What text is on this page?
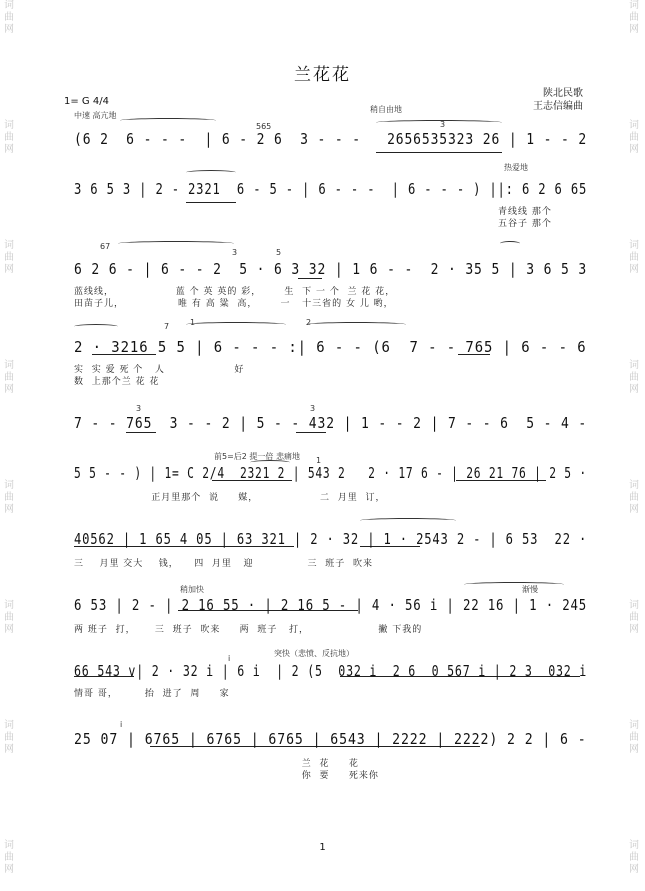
词曲网
词曲网
词曲网
词曲网
词曲网
词曲网
词曲网
词曲网
词曲网
词曲网
词曲网
词曲网
词曲网
词曲网
词曲网
词曲网
兰花花
陕北民歌
王志信编曲
1= G 4/4
中速 高亢地
565
稍自由地
3
热爱地
67
3	5
7	1	2
3	3
前5=后2 提一倍 悲痛地 1
稍加快	渐慢
突快（悲愤、反抗地）
i
i
(6 2  6 - - -  | 6 - 2 6  3 - - -   2656535323 26 | 1 - - 2
3 6 5 3 | 2 - 2321  6 - 5 - | 6 - - -  | 6 - - - ) ||: 6 2 6 65
青线线 那个
五谷子 那个
6 2 6 - | 6 - - 2  5 · 6 3 32 | 1 6 - -  2 · 35 5 | 3 6 5 3
蓝线线，                蓝 个 英 英的 彩，      生  下 一 个  兰 花 花，
田苗子儿，              唯 有 高 粱  高，      一   十三省的 女 儿 哟，
2 · 3216 5 5 | 6 - - - :| 6 - - (6  7 - - 765 | 6 - - 6
实  实 爱 死 个   人                  好
数  上那个兰 花 花
7 - - 765  3 - - 2 | 5 - - 432 | 1 - - 2 | 7 - - 6  5 - 4 -
5 5 - - ) | 1= C 2/4  2321 2 | 543 2   2 · 17 6 - | 26 21 76 | 2 5 ·
正月里那个  说     媒，                二  月里  订，
40562 | 1 65 4 05 | 63 321 | 2 · 32 | 1 · 2543 2 - | 6 53  22 ·
三    月里 交大    钱，    四  月里   迎              三  班子  吹来
6 53 | 2 - | 2 16 55 · | 2 16 5 - | 4 · 56 i | 22 16 | 1 · 245
两 班子  打，     三  班子  吹来     两  班子   打，                  撇 下我的
66 543 v| 2 · 32 i | 6 i  | 2 (5  032 i  2 6  0 567 i | 2 3  032 i
情哥 哥，       抬  进了  周     家
25 07 | 6765 | 6765 | 6765 | 6543 | 2222 | 2222) 2 2 | 6 -
兰  花     花
你  要     死来你
1
